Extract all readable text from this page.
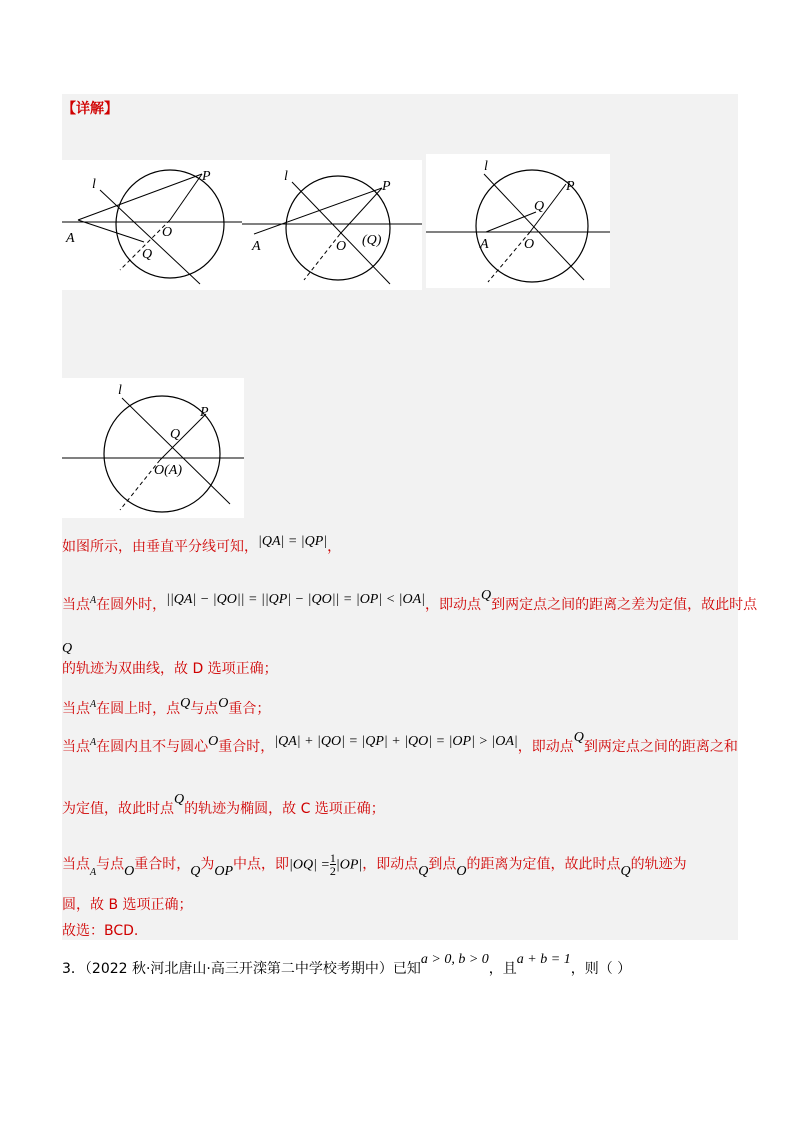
【详解】
l
P
A	O
Q
l
P
A	O (Q)
l
P
A	O
Q
l
P
Q
O(A)
如图所示，由垂直平分线可知，|QA| = |QP|，
当点$^A$在圆外时，||QA| − |QO|| = ||QP| − |QO|| = |OP| < |OA|，即动点Q到两定点之间的距离之差为定值，故此时点
Q
的轨迹为双曲线，故 D 选项正确；
当点$^A$在圆上时，点Q与点O重合；
当点$^A$在圆内且不与圆心O重合时，|QA| + |QO| = |QP| + |QO| = |OP| > |OA|，即动点Q到两定点之间的距离之和
为定值，故此时点Q的轨迹为椭圆，故 C 选项正确；
当点$_A$与点O重合时，Q为OP中点，即$|OQ| = \frac{1}{2} |OP|$，即动点Q到点O的距离为定值，故此时点Q的轨迹为
圆，故 B 选项正确；
故选：BCD.
3．（2022 秋·河北唐山·高三开滦第二中学校考期中）已知a > 0, b > 0，且a + b = 1，则（ ）
